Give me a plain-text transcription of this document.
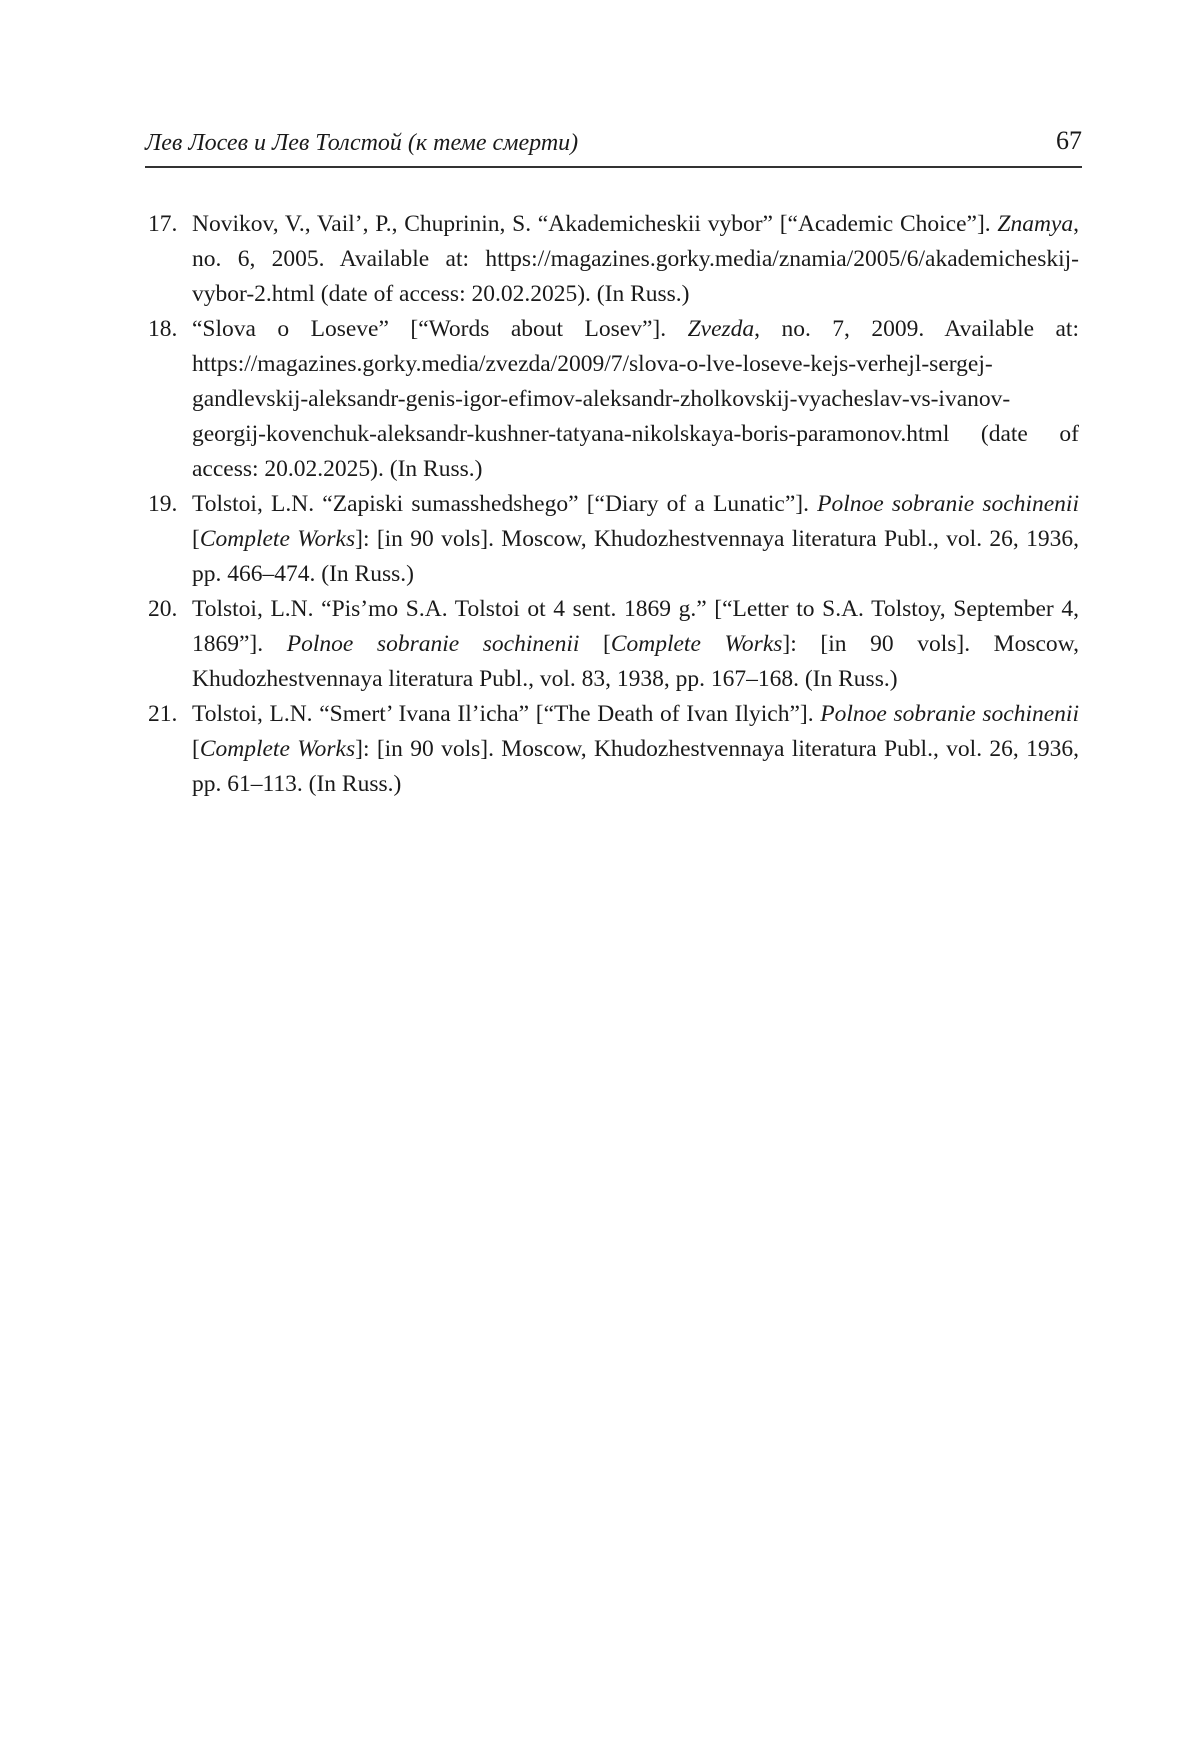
Лев Лосев и Лев Толстой (к теме смерти)	67
17. Novikov, V., Vail’, P., Chuprinin, S. “Akademicheskii vybor” [“Academic Choice”]. Znamya, no. 6, 2005. Available at: https://magazines.gorky.media/znamia/2005/6/akademicheskij-vybor-2.html (date of access: 20.02.2025). (In Russ.)
18. “Slova o Loseve” [“Words about Losev”]. Zvezda, no. 7, 2009. Available at: https://magazines.gorky.media/zvezda/2009/7/slova-o-lve-loseve-kejs-verhejl-sergej-gandlevskij-aleksandr-genis-igor-efimov-aleksandr-zholkovskij-vyacheslav-vs-ivanov-georgij-kovenchuk-aleksandr-kushner-tatyana-nikolskaya-boris-paramonov.html (date of access: 20.02.2025). (In Russ.)
19. Tolstoi, L.N. “Zapiski sumasshedshego” [“Diary of a Lunatic”]. Polnoe sobranie sochinenii [Complete Works]: [in 90 vols]. Moscow, Khudozhestvennaya literatura Publ., vol. 26, 1936, pp. 466–474. (In Russ.)
20. Tolstoi, L.N. “Pis’mo S.A. Tolstoi ot 4 sent. 1869 g.” [“Letter to S.A. Tolstoy, September 4, 1869”]. Polnoe sobranie sochinenii [Complete Works]: [in 90 vols]. Moscow, Khudozhestvennaya literatura Publ., vol. 83, 1938, pp. 167–168. (In Russ.)
21. Tolstoi, L.N. “Smert’ Ivana Il’icha” [“The Death of Ivan Ilyich”]. Polnoe sobranie sochinenii [Complete Works]: [in 90 vols]. Moscow, Khudozhestvennaya literatura Publ., vol. 26, 1936, pp. 61–113. (In Russ.)
